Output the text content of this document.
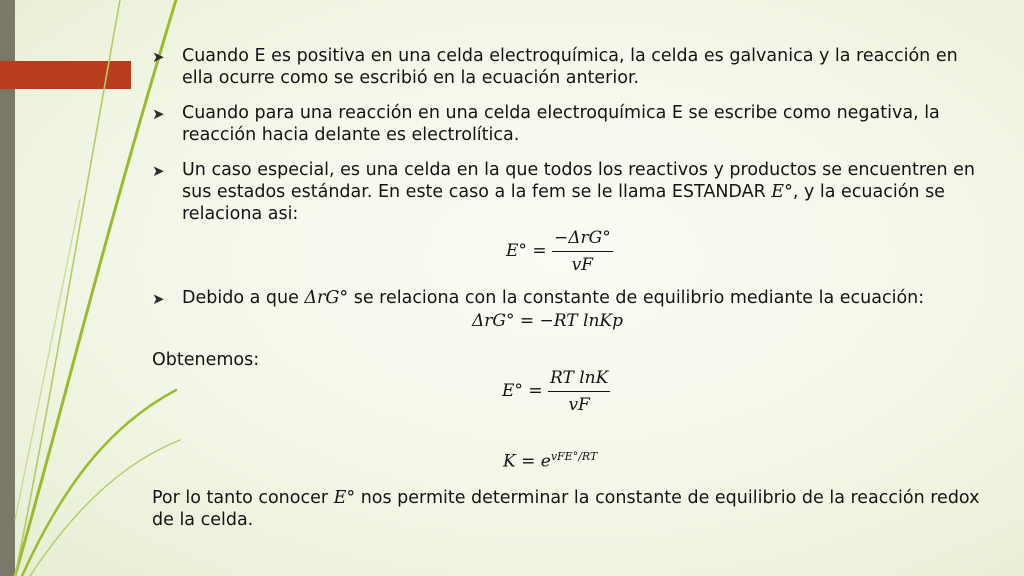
➤ Cuando E es positiva en una celda electroquímica, la celda es galvanica y la reacción en ella ocurre como se escribió en la ecuación anterior.
➤ Cuando para una reacción en una celda electroquímica E se escribe como negativa, la reacción hacia delante es electrolítica.
➤ Un caso especial, es una celda en la que todos los reactivos y productos se encuentren en sus estados estándar. En este caso a la fem se le llama ESTANDAR E°, y la ecuación se relaciona asi:
$E^\circ = \frac{\text{−ΔrG°}}{vF}$
➤ Debido a que ΔrG° se relaciona con la constante de equilibrio mediante la ecuación:
ΔrG° = −RT lnKp
Obtenemos:
$E^\circ = \frac{\text{RT lnK}}{vF}$
$K = e^{vFE^\circ/RT}$
Por lo tanto conocer E° nos permite determinar la constante de equilibrio de la reacción redox de la celda.
